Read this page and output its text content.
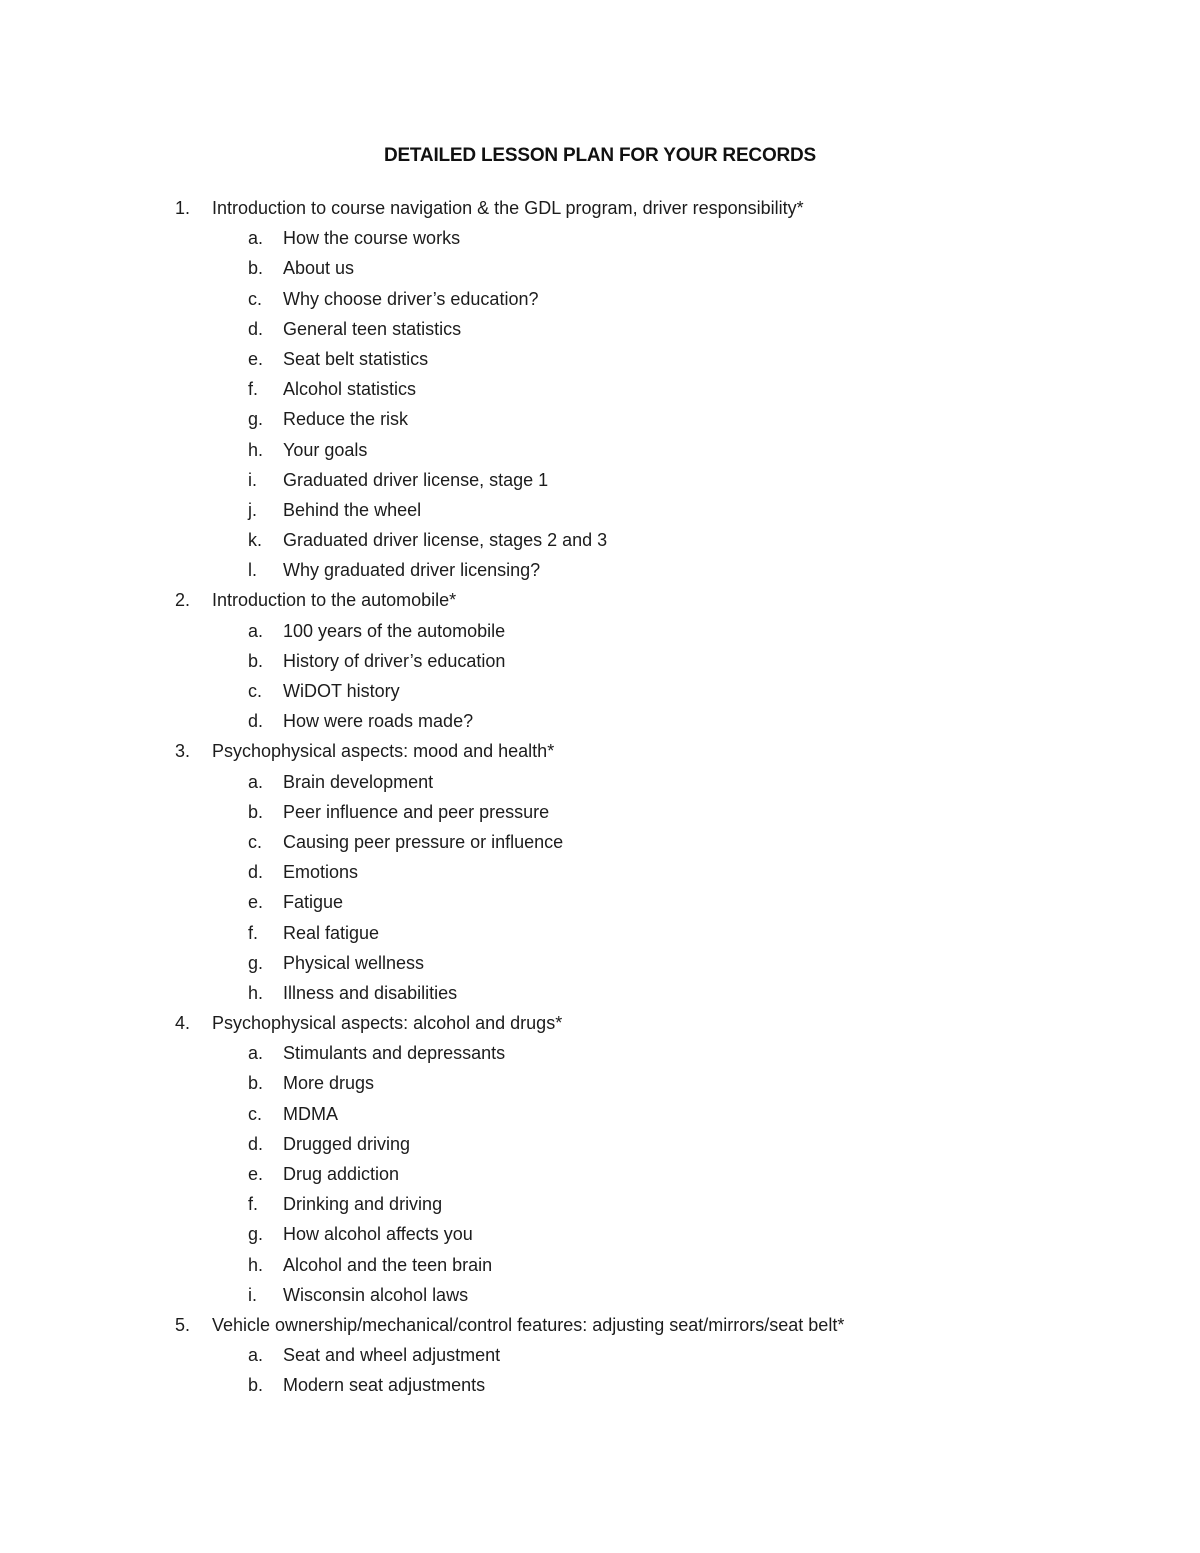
DETAILED LESSON PLAN FOR YOUR RECORDS
1. Introduction to course navigation & the GDL program, driver responsibility*
a. How the course works
b. About us
c. Why choose driver’s education?
d. General teen statistics
e. Seat belt statistics
f. Alcohol statistics
g. Reduce the risk
h. Your goals
i. Graduated driver license, stage 1
j. Behind the wheel
k. Graduated driver license, stages 2 and 3
l. Why graduated driver licensing?
2. Introduction to the automobile*
a. 100 years of the automobile
b. History of driver’s education
c. WiDOT history
d. How were roads made?
3. Psychophysical aspects: mood and health*
a. Brain development
b. Peer influence and peer pressure
c. Causing peer pressure or influence
d. Emotions
e. Fatigue
f. Real fatigue
g. Physical wellness
h. Illness and disabilities
4. Psychophysical aspects: alcohol and drugs*
a. Stimulants and depressants
b. More drugs
c. MDMA
d. Drugged driving
e. Drug addiction
f. Drinking and driving
g. How alcohol affects you
h. Alcohol and the teen brain
i. Wisconsin alcohol laws
5. Vehicle ownership/mechanical/control features: adjusting seat/mirrors/seat belt*
a. Seat and wheel adjustment
b. Modern seat adjustments
